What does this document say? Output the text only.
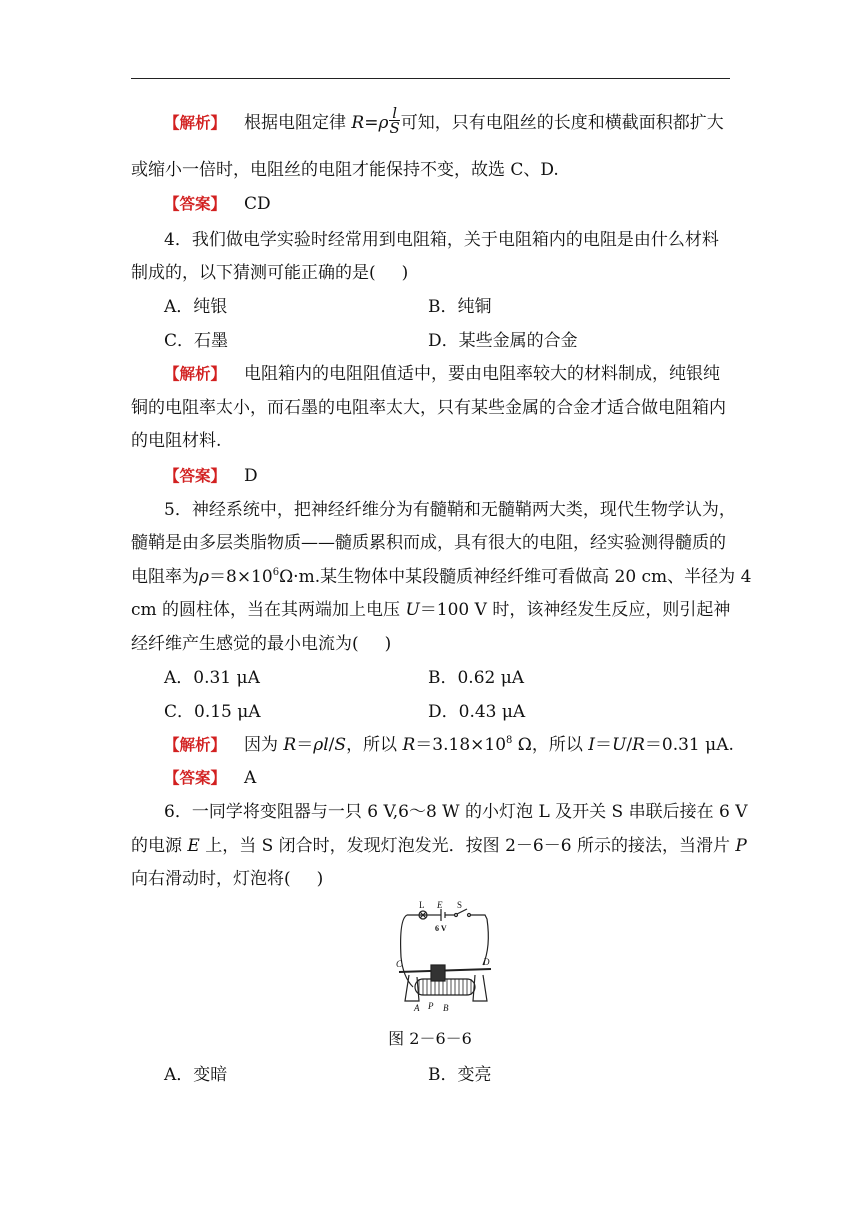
【解析】 根据电阻定律 $R=\rho \frac{l}{S}$ 可知，只有电阻丝的长度和横截面积都扩大
或缩小一倍时，电阻丝的电阻才能保持不变，故选 C、D.
【答案】 CD
4．我们做电学实验时经常用到电阻箱，关于电阻箱内的电阻是由什么材料
制成的，以下猜测可能正确的是( )
A．纯银	B．纯铜
C．石墨	D．某些金属的合金
【解析】 电阻箱内的电阻阻值适中，要由电阻率较大的材料制成，纯银纯
铜的电阻率太小，而石墨的电阻率太大，只有某些金属的合金才适合做电阻箱内
的电阻材料.
【答案】 D
5．神经系统中，把神经纤维分为有髓鞘和无髓鞘两大类，现代生物学认为，
髓鞘是由多层类脂物质——髓质累积而成，具有很大的电阻，经实验测得髓质的
电阻率为$\rho=8\times 10^6\Omega\cdot m$.某生物体中某段髓质神经纤维可看做高 20 cm、半径为 4
cm 的圆柱体，当在其两端加上电压 U＝100 V 时，该神经发生反应，则引起神
经纤维产生感觉的最小电流为( )
A．0.31 μA	B．0.62 μA
C．0.15 μA	D．0.43 μA
【解析】 因为 R＝ρl/S，所以 $R=3.18\times 10^8$ Ω，所以 I＝U/R＝0.31 μA.
【答案】 A
6．一同学将变阻器与一只 6 V,6～8 W 的小灯泡 L 及开关 S 串联后接在 6 V
的电源 E 上，当 S 闭合时，发现灯泡发光．按图 2－6－6 所示的接法，当滑片 P
向右滑动时，灯泡将( )
L E S
6 V
C	D
A P B
图 2－6－6
A．变暗	B．变亮
